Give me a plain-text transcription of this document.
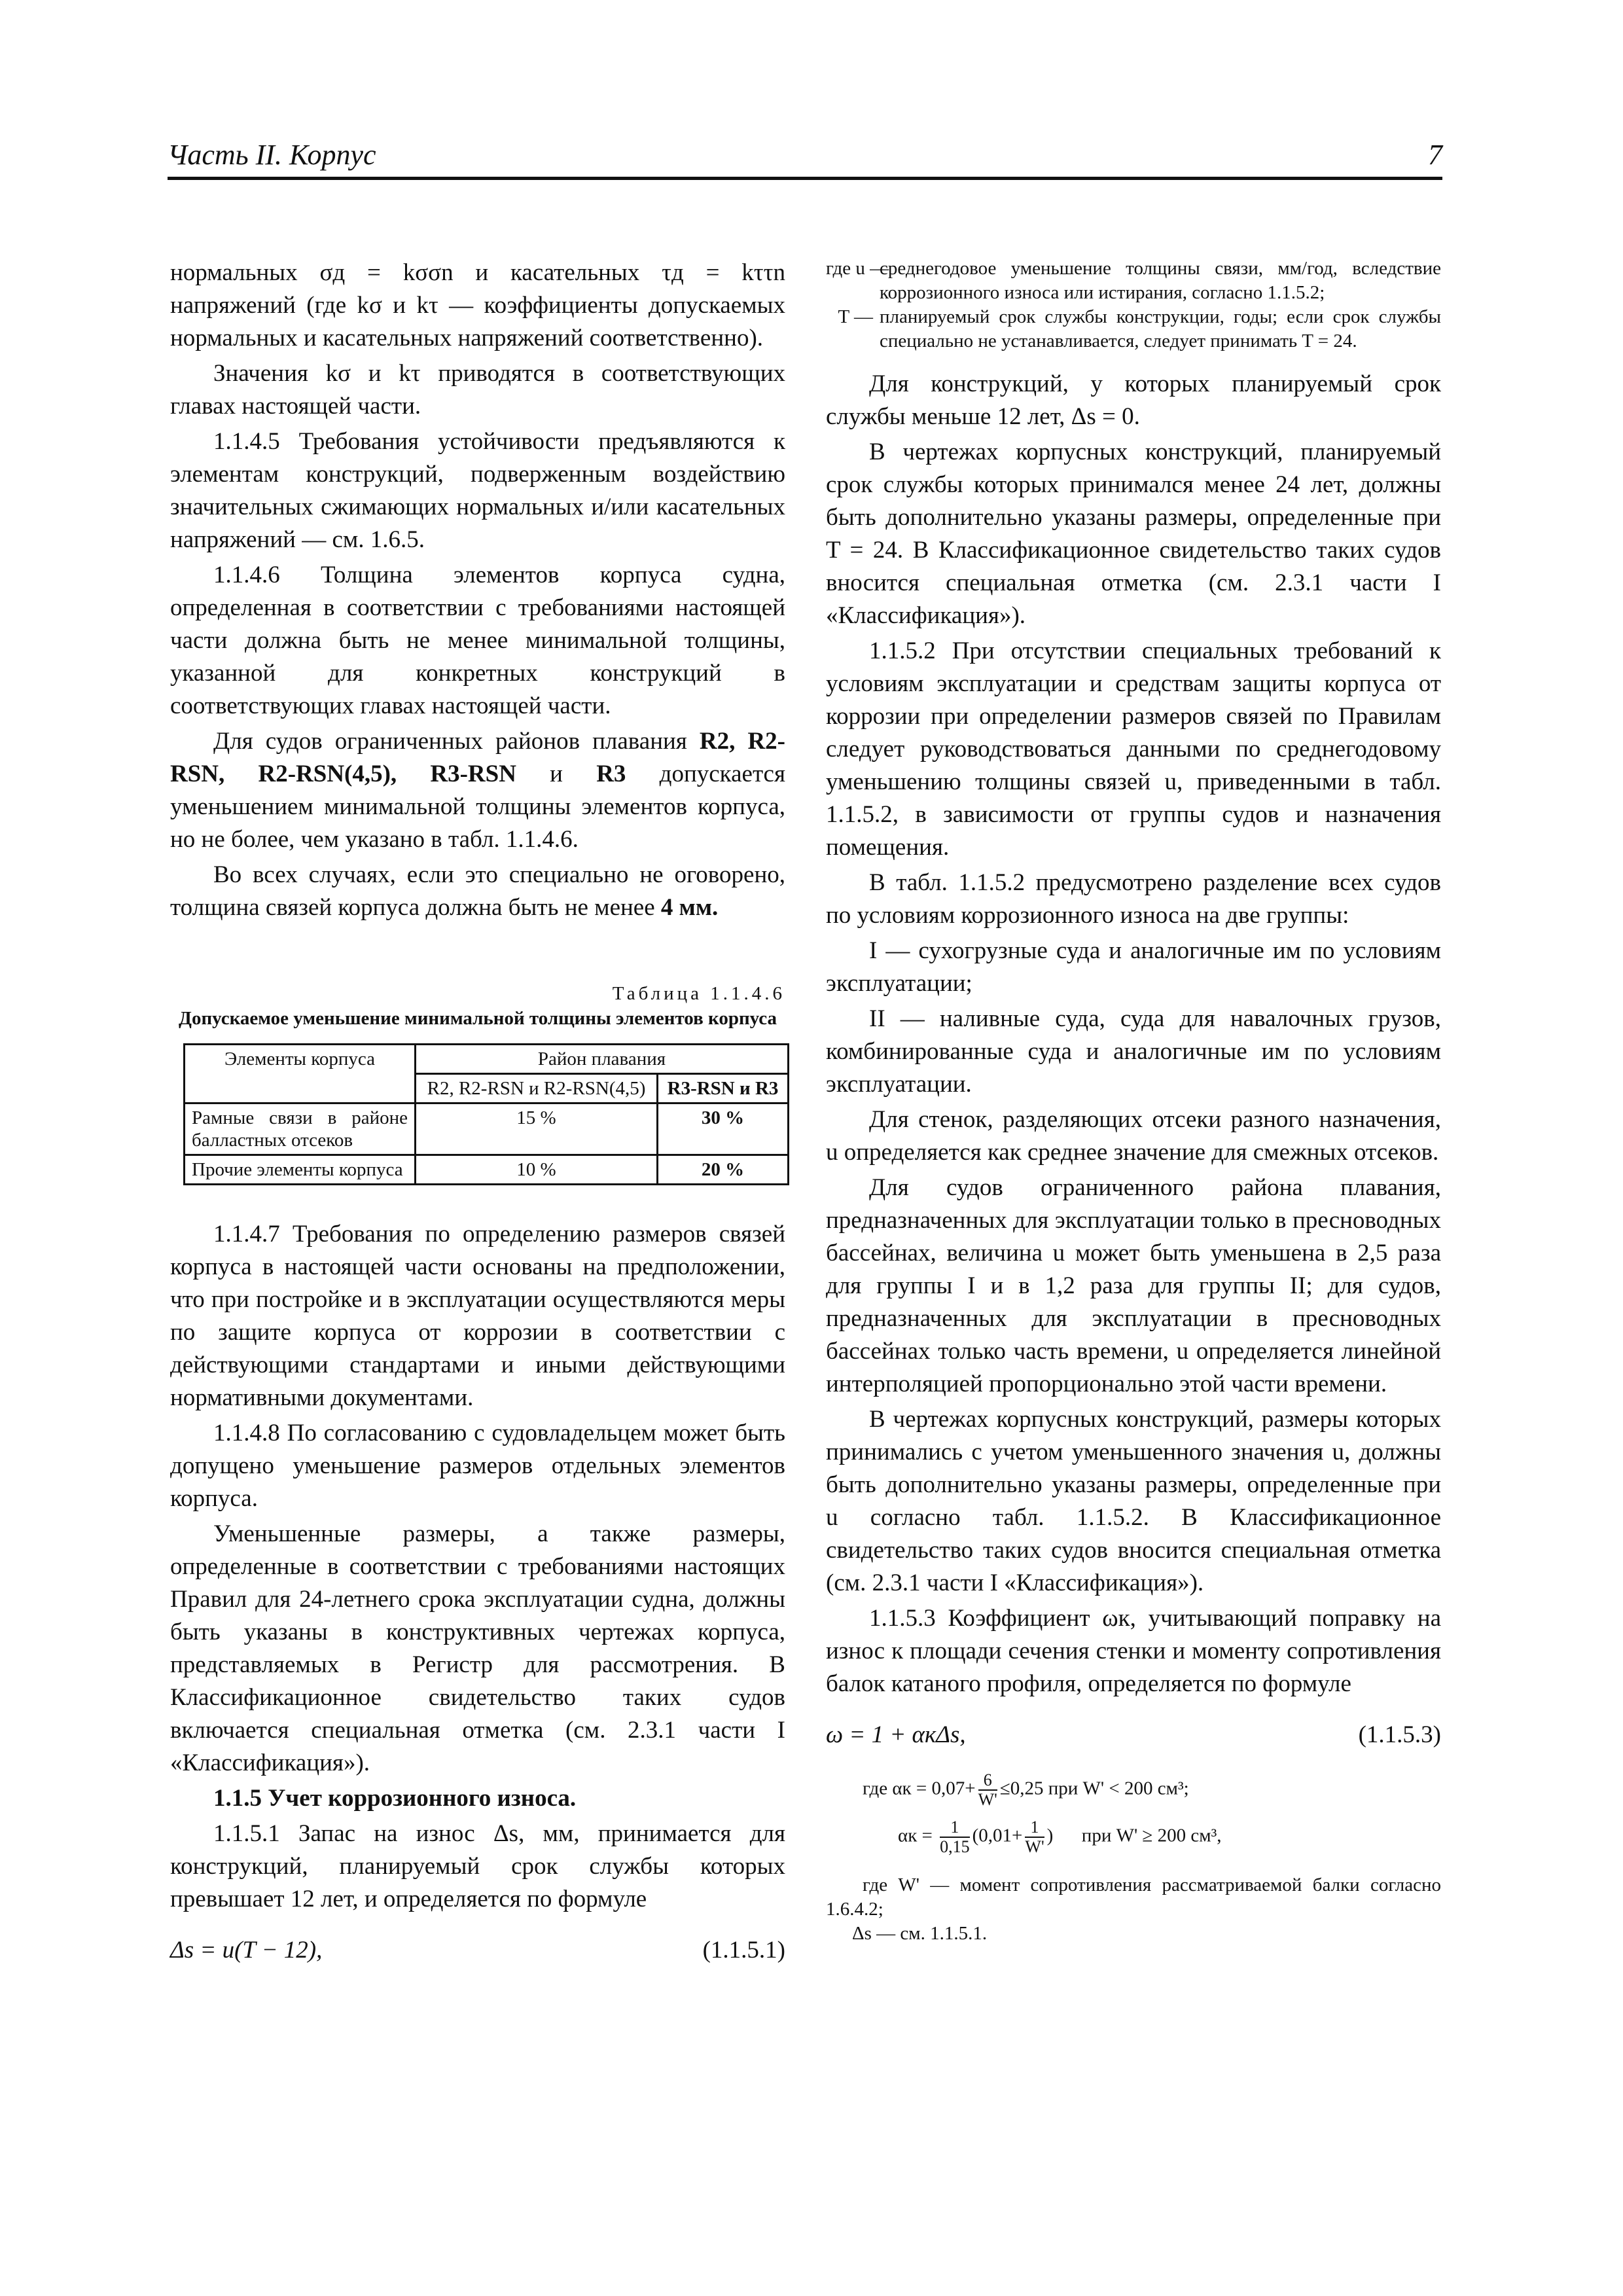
Часть II. Корпус	7

нормальных σд = kσσn и касательных τд = kττn напряжений (где kσ и kτ — коэффициенты допускаемых нормальных и касательных напряжений соответственно).

Значения kσ и kτ приводятся в соответствующих главах настоящей части.

1.1.4.5 Требования устойчивости предъявляются к элементам конструкций, подверженным воздействию значительных сжимающих нормальных и/или касательных напряжений — см. 1.6.5.

1.1.4.6 Толщина элементов корпуса судна, определенная в соответствии с требованиями настоящей части должна быть не менее минимальной толщины, указанной для конкретных конструкций в соответствующих главах настоящей части.

Для судов ограниченных районов плавания R2, R2-RSN, R2-RSN(4,5), R3-RSN и R3 допускается уменьшением минимальной толщины элементов корпуса, но не более, чем указано в табл. 1.1.4.6.

Во всех случаях, если это специально не оговорено, толщина связей корпуса должна быть не менее 4 мм.

Таблица 1.1.4.6
Допускаемое уменьшение минимальной толщины элементов корпуса
Элементы корпуса	Район плавания	
	R2, R2-RSN и R2-RSN(4,5)	R3-RSN и R3
Рамные связи в районе балластных отсеков	15 %	30 %
Прочие элементы корпуса	10 %	20 %

1.1.4.7 Требования по определению размеров связей корпуса в настоящей части основаны на предположении, что при постройке и в эксплуатации осуществляются меры по защите корпуса от коррозии в соответствии с действующими стандартами и иными действующими нормативными документами.

1.1.4.8 По согласованию с судовладельцем может быть допущено уменьшение размеров отдельных элементов корпуса.

Уменьшенные размеры, а также размеры, определенные в соответствии с требованиями настоящих Правил для 24-летнего срока эксплуатации судна, должны быть указаны в конструктивных чертежах корпуса, представляемых в Регистр для рассмотрения. В Классификационное свидетельство таких судов включается специальная отметка (см. 2.3.1 части I «Классификация»).

1.1.5 Учет коррозионного износа.

1.1.5.1 Запас на износ Δs, мм, принимается для конструкций, планируемый срок службы которых превышает 12 лет, и определяется по формуле

Δs = u(T − 12),	(1.1.5.1)
где u —
среднегодовое уменьшение толщины связи, мм/год, вследствие коррозионного износа или истирания, согласно 1.1.5.2;
T — планируемый срок службы конструкции, годы; если срок службы специально не устанавливается, следует принимать T = 24.

Для конструкций, у которых планируемый срок службы меньше 12 лет, Δs = 0.

В чертежах корпусных конструкций, планируемый срок службы которых принимался менее 24 лет, должны быть дополнительно указаны размеры, определенные при T = 24. В Классификационное свидетельство таких судов вносится специальная отметка (см. 2.3.1 части I «Классификация»).

1.1.5.2 При отсутствии специальных требований к условиям эксплуатации и средствам защиты корпуса от коррозии при определении размеров связей по Правилам следует руководствоваться данными по среднегодовому уменьшению толщины связей u, приведенными в табл. 1.1.5.2, в зависимости от группы судов и назначения помещения.

В табл. 1.1.5.2 предусмотрено разделение всех судов по условиям коррозионного износа на две группы:

I — сухогрузные суда и аналогичные им по условиям эксплуатации;

II — наливные суда, суда для навалочных грузов, комбинированные суда и аналогичные им по условиям эксплуатации.

Для стенок, разделяющих отсеки разного назначения, u определяется как среднее значение для смежных отсеков.

Для судов ограниченного района плавания, предназначенных для эксплуатации только в пресноводных бассейнах, величина u может быть уменьшена в 2,5 раза для группы I и в 1,2 раза для группы II; для судов, предназначенных для эксплуатации в пресноводных бассейнах только часть времени, u определяется линейной интерполяцией пропорционально этой части времени.

В чертежах корпусных конструкций, размеры которых принимались с учетом уменьшенного значения u, должны быть дополнительно указаны размеры, определенные при u согласно табл. 1.1.5.2. В Классификационное свидетельство таких судов вносится специальная отметка (см. 2.3.1 части I «Классификация»).

1.1.5.3 Коэффициент ωк, учитывающий поправку на износ к площади сечения стенки и моменту сопротивления балок катаного профиля, определяется по формуле

ω = 1 + αкΔs,	(1.1.5.3)
где $\alpha к = 0,07+ \frac{6}{W'} \le 0,25$ при W' < 200 см³;
$\alpha к = \frac{1}{0,15} (0,01+ \frac{1}{W'}$ )      при W' ≥ 200 см³,
где W' — момент сопротивления рассматриваемой балки согласно 1.6.4.2;
Δs — см. 1.1.5.1.
